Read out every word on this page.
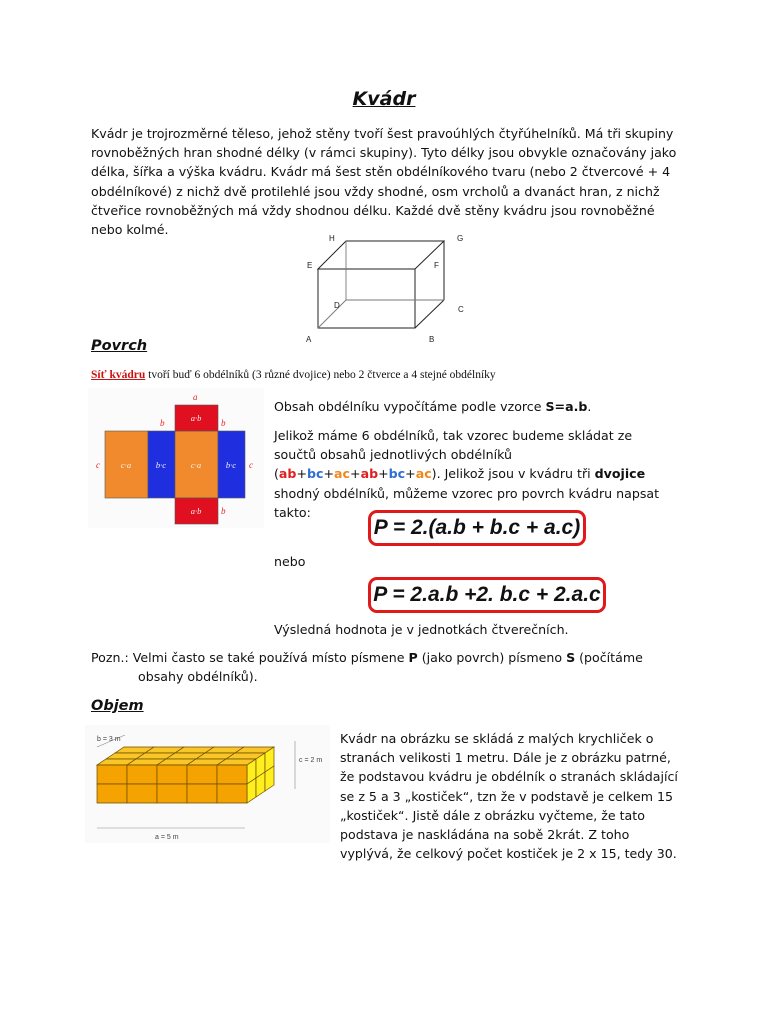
Kvádr
Kvádr je trojrozměrné těleso, jehož stěny tvoří šest pravoúhlých čtyřúhelníků. Má tři skupiny rovnoběžných hran shodné délky (v rámci skupiny). Tyto délky jsou obvykle označovány jako délka, šířka a výška kvádru. Kvádr má šest stěn obdélníkového tvaru (nebo 2 čtvercové + 4 obdélníkové) z nichž dvě protilehlé jsou vždy shodné, osm vrcholů a dvanáct hran, z nichž čtveřice rovnoběžných má vždy shodnou délku. Každé dvě stěny kvádru jsou rovnoběžné nebo kolmé.
H	G
E	F
D	C
A	B
Povrch
Síť kvádru tvoří buď 6 obdélníků (3 různé dvojice) nebo 2 čtverce a 4 stejné obdélníky
a
b	b
c	c
b
c·a	b·c	c·a	b·c
a·b
a·b
Obsah obdélníku vypočítáme podle vzorce S=a.b.
Jelikož máme 6 obdélníků, tak vzorec budeme skládat ze součtů obsahů jednotlivých obdélníků (ab+bc+ac+ab+bc+ac). Jelikož jsou v kvádru tři dvojice shodný obdélníků, můžeme vzorec pro povrch kvádru napsat takto:
P = 2.(a.b + b.c + a.c)
nebo
P = 2.a.b +2. b.c + 2.a.c
Výsledná hodnota je v jednotkách čtverečních.
Pozn.: Velmi často se také používá místo písmene P (jako povrch) písmeno S (počítáme
obsahy obdélníků).
Objem
b = 3 m
c = 2 m
a = 5 m
Kvádr na obrázku se skládá z malých krychliček o
stranách velikosti 1 metru. Dále je z obrázku patrné,
že podstavou kvádru je obdélník o stranách skládající
se z 5 a 3 „kostiček“, tzn že v podstavě je celkem 15
„kostiček“. Jistě dále z obrázku vyčteme, že tato
podstava je naskládána na sobě 2krát. Z toho
vyplývá, že celkový počet kostiček je 2 x 15, tedy 30.
